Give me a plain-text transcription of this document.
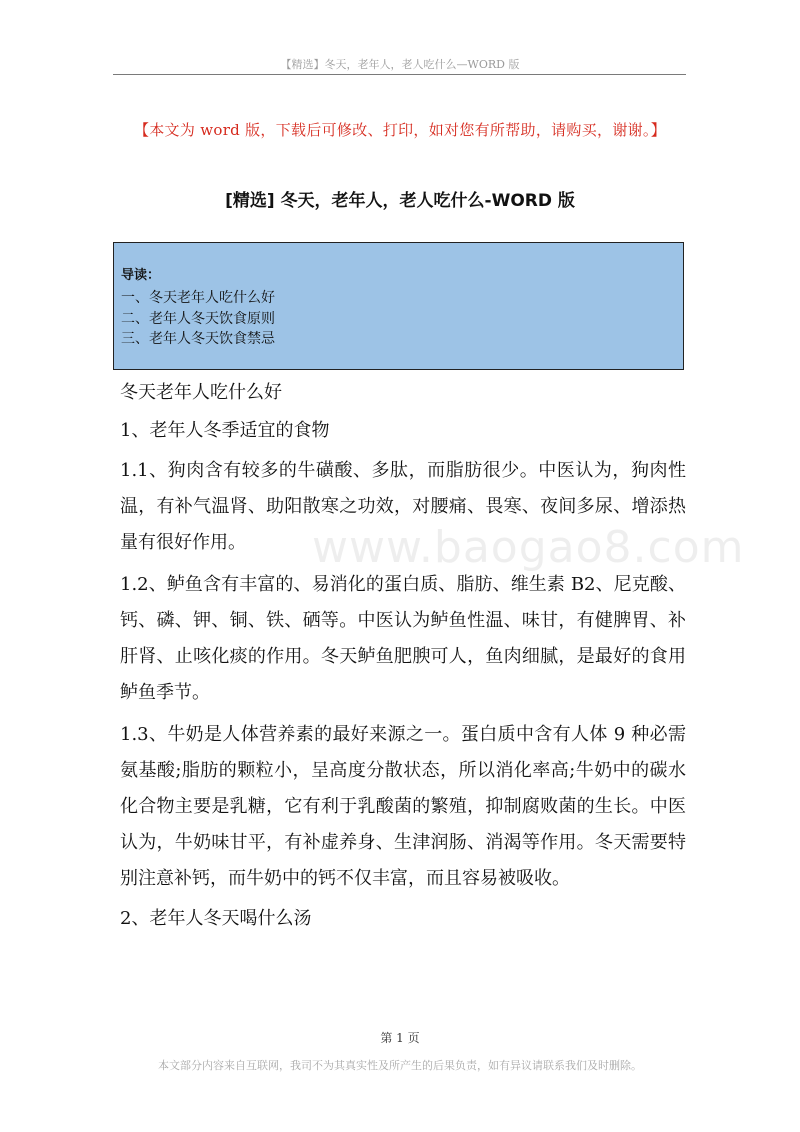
【精选】冬天，老年人，老人吃什么—WORD 版
【本文为 word 版，下载后可修改、打印，如对您有所帮助，请购买，谢谢。】
[精选] 冬天，老年人，老人吃什么-WORD 版
导读：
一、冬天老年人吃什么好
二、老年人冬天饮食原则
三、老年人冬天饮食禁忌
www.baogao8.com

冬天老年人吃什么好

1、老年人冬季适宜的食物

1.1、狗肉含有较多的牛磺酸、多肽，而脂肪很少。中医认为，狗肉性温，有补气温肾、助阳散寒之功效，对腰痛、畏寒、夜间多尿、增添热量有很好作用。

1.2、鲈鱼含有丰富的、易消化的蛋白质、脂肪、维生素 B2、尼克酸、钙、磷、钾、铜、铁、硒等。中医认为鲈鱼性温、味甘，有健脾胃、补肝肾、止咳化痰的作用。冬天鲈鱼肥腴可人，鱼肉细腻，是最好的食用鲈鱼季节。

1.3、牛奶是人体营养素的最好来源之一。蛋白质中含有人体 9 种必需氨基酸;脂肪的颗粒小，呈高度分散状态，所以消化率高;牛奶中的碳水化合物主要是乳糖，它有利于乳酸菌的繁殖，抑制腐败菌的生长。中医认为，牛奶味甘平，有补虚养身、生津润肠、消渴等作用。冬天需要特别注意补钙，而牛奶中的钙不仅丰富，而且容易被吸收。

2、老年人冬天喝什么汤

第 1 页
本文部分内容来自互联网，我司不为其真实性及所产生的后果负责，如有异议请联系我们及时删除。
